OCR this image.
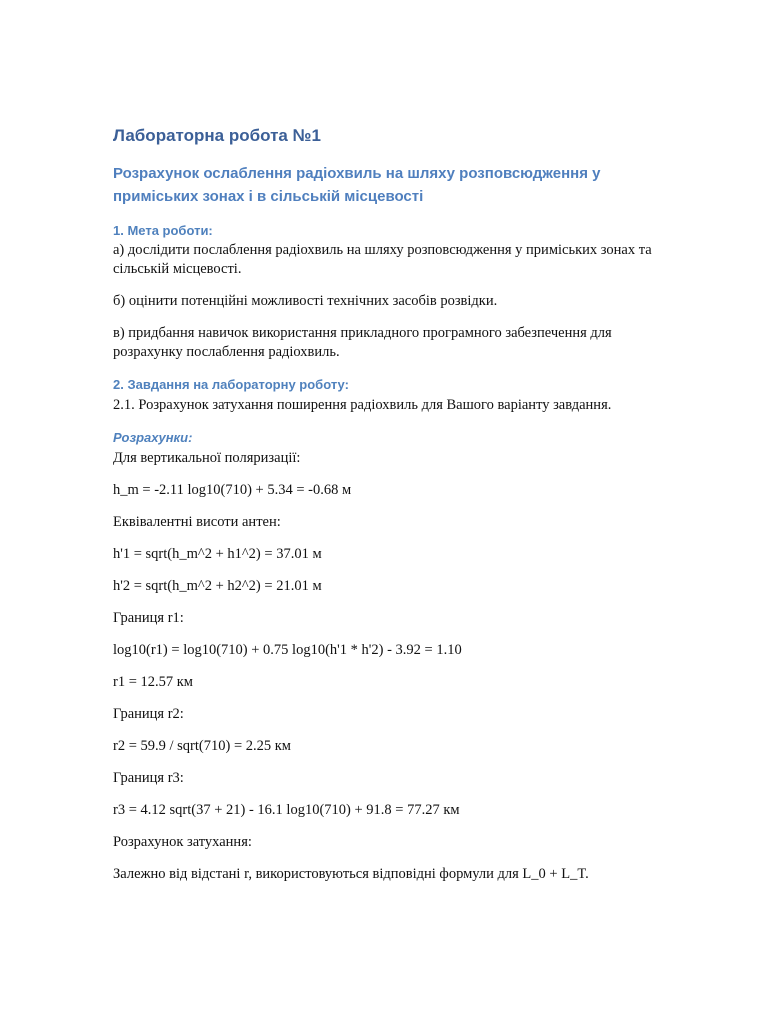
Лабораторна робота №1
Розрахунок ослаблення радіохвиль на шляху розповсюдження у приміських зонах і в сільській місцевості
1. Мета роботи:

а) дослідити послаблення радіохвиль на шляху розповсюдження у приміських зонах та сільській місцевості.

б) оцінити потенційні можливості технічних засобів розвідки.

в) придбання навичок використання прикладного програмного забезпечення для розрахунку послаблення радіохвиль.

2. Завдання на лабораторну роботу:

2.1. Розрахунок затухання поширення радіохвиль для Вашого варіанту завдання.

Розрахунки:

Для вертикальної поляризації:

h_m = -2.11 log10(710) + 5.34 = -0.68 м

Еквівалентні висоти антен:

h'1 = sqrt(h_m^2 + h1^2) = 37.01 м

h'2 = sqrt(h_m^2 + h2^2) = 21.01 м

Границя r1:

log10(r1) = log10(710) + 0.75 log10(h'1 * h'2) - 3.92 = 1.10

r1 = 12.57 км

Границя r2:

r2 = 59.9 / sqrt(710) = 2.25 км

Границя r3:

r3 = 4.12 sqrt(37 + 21) - 16.1 log10(710) + 91.8 = 77.27 км

Розрахунок затухання:

Залежно від відстані r, використовуються відповідні формули для L_0 + L_T.
